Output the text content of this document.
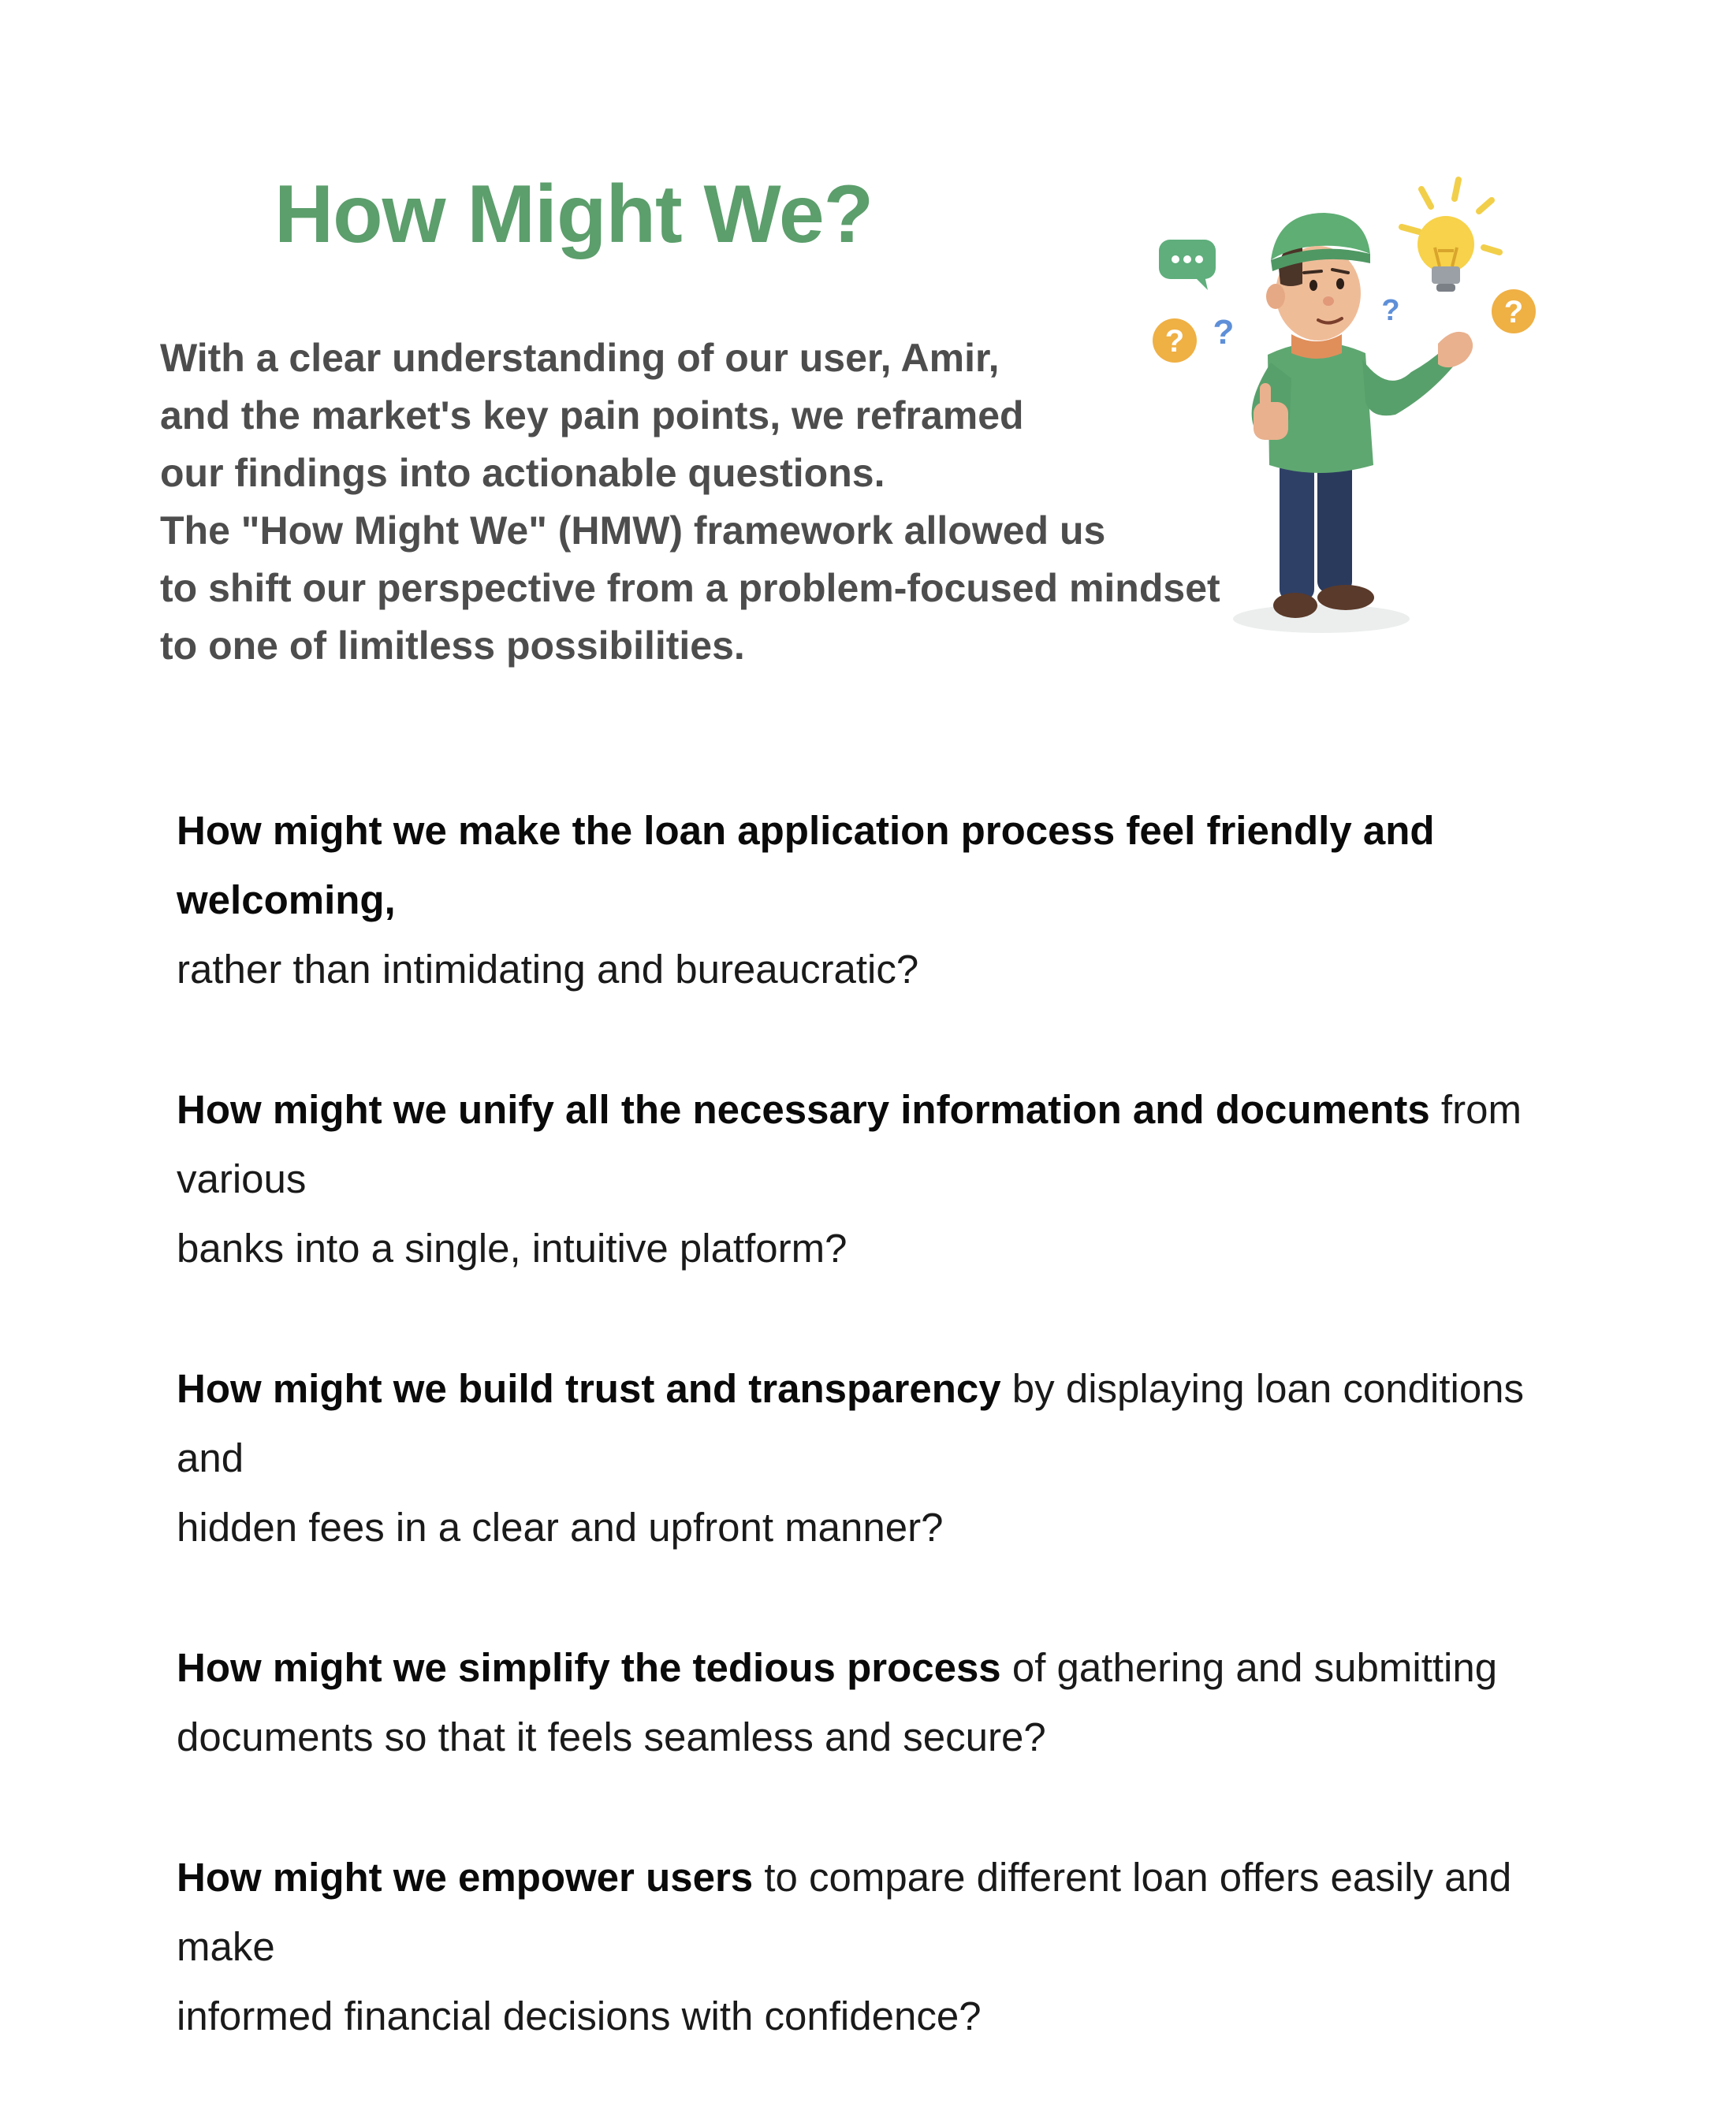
How Might We?

With a clear understanding of our user, Amir,
and the market's key pain points, we reframed
our findings into actionable questions.
The "How Might We" (HMW) framework allowed us
to shift our perspective from a problem-focused mindset
to one of limitless possibilities.

? ?
?	?
How might we make the loan application process feel friendly and welcoming,
rather than intimidating and bureaucratic?
How might we unify all the necessary information and documents from various
banks into a single, intuitive platform?
How might we build trust and transparency by displaying loan conditions and
hidden fees in a clear and upfront manner?
How might we simplify the tedious process of gathering and submitting
documents so that it feels seamless and secure?
How might we empower users to compare different loan offers easily and make
informed financial decisions with confidence?
